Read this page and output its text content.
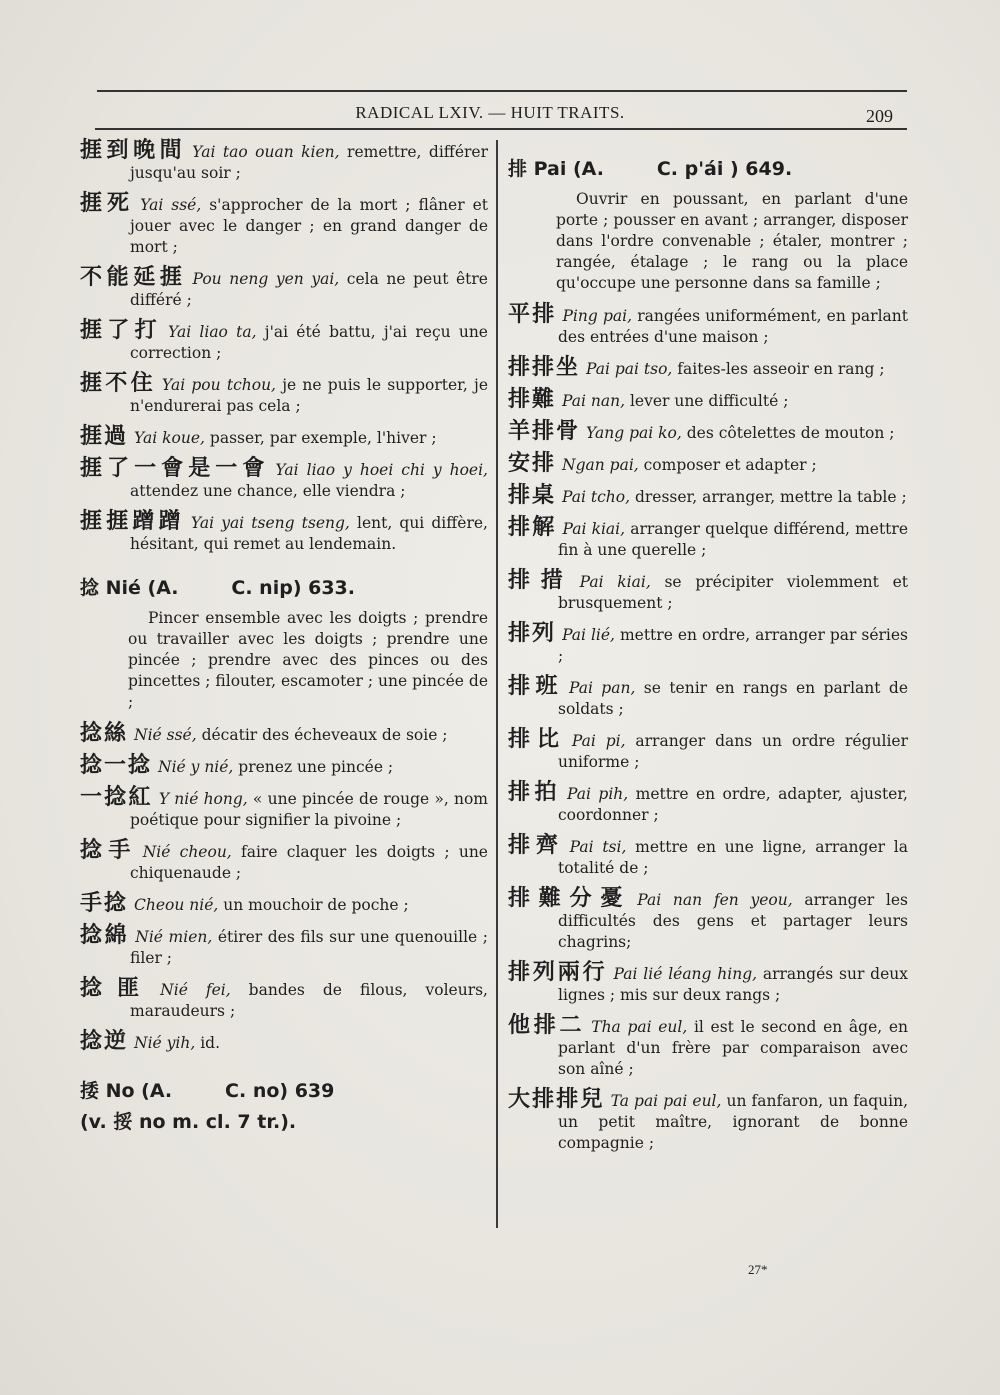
RADICAL LXIV. — HUIT TRAITS.	209
捱到晚間 Yai tao ouan kien, remettre, différer jusqu'au soir ;
捱死 Yai ssé, s'approcher de la mort ; flâner et jouer avec le danger ; en grand danger de mort ;
不能延捱 Pou neng yen yai, cela ne peut être différé ;
捱了打 Yai liao ta, j'ai été battu, j'ai reçu une correction ;
捱不住 Yai pou tchou, je ne puis le supporter, je n'endurerai pas cela ;
捱過 Yai koue, passer, par exemple, l'hiver ;
捱了一會是一會 Yai liao y hoei chi y hoei, attendez une chance, elle viendra ;
捱捱蹭蹭 Yai yai tseng tseng, lent, qui diffère, hésitant, qui remet au lendemain.
捻 Nié (A.        C. nip) 633.
Pincer ensemble avec les doigts ; prendre ou travailler avec les doigts ; prendre une pincée ; prendre avec des pinces ou des pincettes ; filouter, escamoter ; une pincée de ;
捻絲 Nié ssé, décatir des écheveaux de soie ;
捻一捻 Nié y nié, prenez une pincée ;
一捻紅 Y nié hong, « une pincée de rouge », nom poétique pour signifier la pivoine ;
捻手 Nié cheou, faire claquer les doigts ; une chiquenaude ;
手捻 Cheou nié, un mouchoir de poche ;
捻綿 Nié mien, étirer des fils sur une quenouille ; filer ;
捻匪 Nié fei, bandes de filous, voleurs, maraudeurs ;
捻逆 Nié yih, id.
捼 No (A.        C. no) 639
(v. 挼 no m. cl. 7 tr.).
排 Pai (A.        C. p'ái ) 649.
Ouvrir en poussant, en parlant d'une porte ; pousser en avant ; arranger, disposer dans l'ordre convenable ; étaler, montrer ; rangée, étalage ; le rang ou la place qu'occupe une personne dans sa famille ;
平排 Ping pai, rangées uniformément, en parlant des entrées d'une maison ;
排排坐 Pai pai tso, faites-les asseoir en rang ;
排難 Pai nan, lever une difficulté ;
羊排骨 Yang pai ko, des côtelettes de mouton ;
安排 Ngan pai, composer et adapter ;
排桌 Pai tcho, dresser, arranger, mettre la table ;
排解 Pai kiai, arranger quelque différend, mettre fin à une querelle ;
排措 Pai kiai, se précipiter violemment et brusquement ;
排列 Pai lié, mettre en ordre, arranger par séries ;
排班 Pai pan, se tenir en rangs en parlant de soldats ;
排比 Pai pi, arranger dans un ordre régulier uniforme ;
排拍 Pai pih, mettre en ordre, adapter, ajuster, coordonner ;
排齊 Pai tsi, mettre en une ligne, arranger la totalité de ;
排難分憂 Pai nan fen yeou, arranger les difficultés des gens et partager leurs chagrins;
排列兩行 Pai lié léang hing, arrangés sur deux lignes ; mis sur deux rangs ;
他排二 Tha pai eul, il est le second en âge, en parlant d'un frère par comparaison avec son aîné ;
大排排兒 Ta pai pai eul, un fanfaron, un faquin, un petit maître, ignorant de bonne compagnie ;
27*
